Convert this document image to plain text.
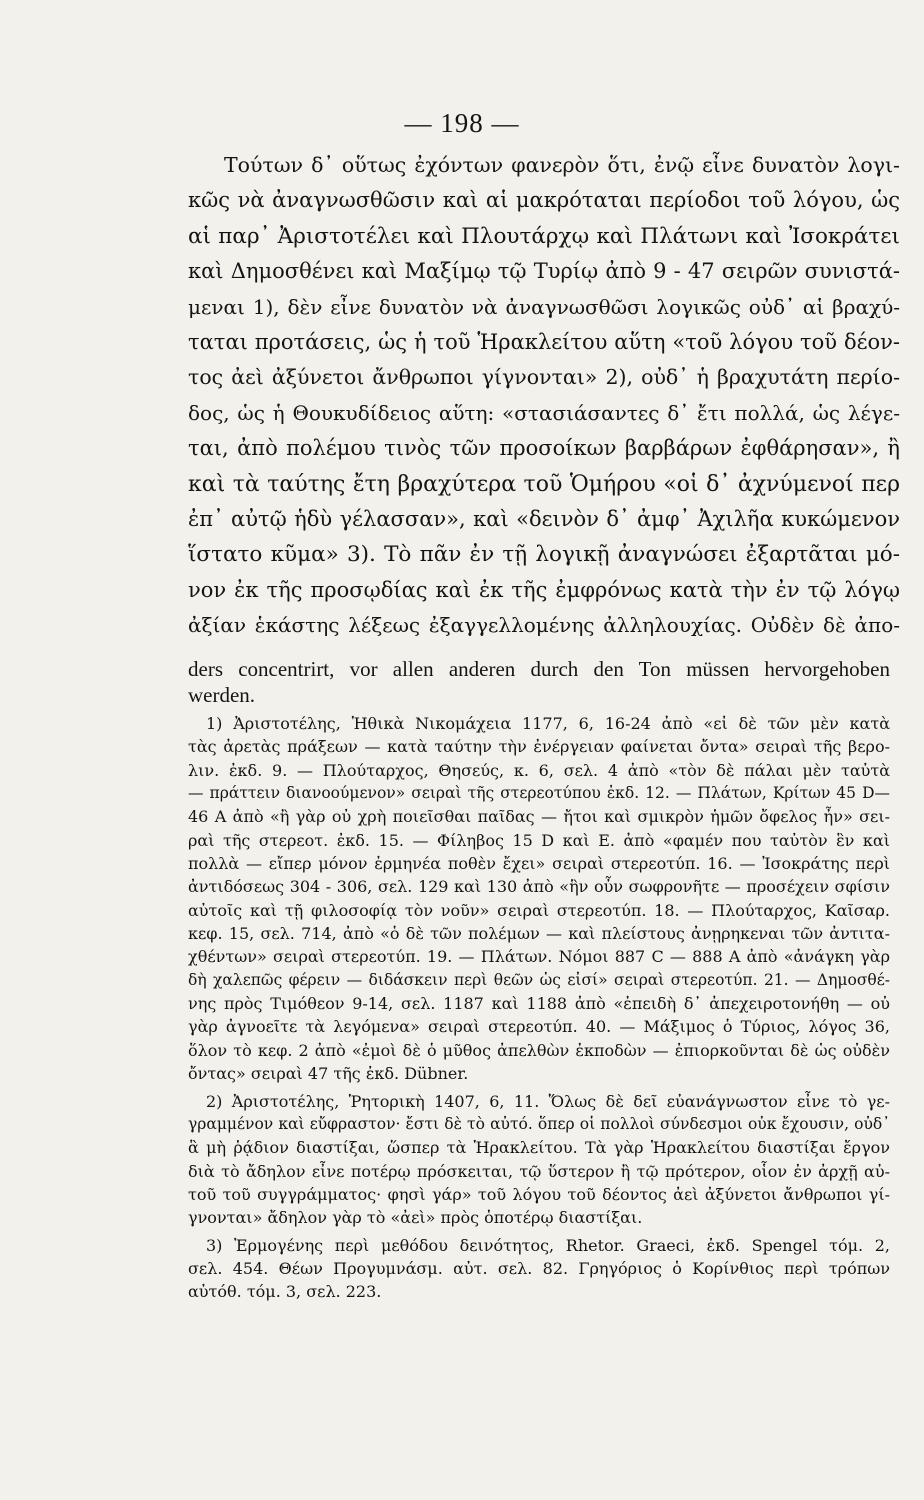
— 198 —
Τούτων δ᾽ οὕτως ἐχόντων φανερὸν ὅτι, ἐνῷ εἶνε δυνατὸν λογι-
κῶς νὰ ἀναγνωσθῶσιν καὶ αἱ μακρόταται περίοδοι τοῦ λόγου, ὡς
αἱ παρ᾽ Ἀριστοτέλει καὶ Πλουτάρχῳ καὶ Πλάτωνι καὶ Ἰσοκράτει
καὶ Δημοσθένει καὶ Μαξίμῳ τῷ Τυρίῳ ἀπὸ 9 - 47 σειρῶν συνιστά-
μεναι 1), δὲν εἶνε δυνατὸν νὰ ἀναγνωσθῶσι λογικῶς οὐδ᾽ αἱ βραχύ-
ταται προτάσεις, ὡς ἡ τοῦ Ἡρακλείτου αὕτη «τοῦ λόγου τοῦ δέον-
τος ἀεὶ ἀξύνετοι ἄνθρωποι γίγνονται» 2), οὐδ᾽ ἡ βραχυτάτη περίο-
δος, ὡς ἡ Θουκυδίδειος αὕτη: «στασιάσαντες δ᾽ ἔτι πολλά, ὡς λέγε-
ται, ἀπὸ πολέμου τινὸς τῶν προσοίκων βαρβάρων ἐφθάρησαν», ἢ
καὶ τὰ ταύτης ἔτη βραχύτερα τοῦ Ὁμήρου «οἱ δ᾽ ἀχνύμενοί περ
ἐπ᾽ αὐτῷ ἡδὺ γέλασσαν», καὶ «δεινὸν δ᾽ ἀμφ᾽ Ἀχιλῆα κυκώμενον
ἵστατο κῦμα» 3). Τὸ πᾶν ἐν τῇ λογικῇ ἀναγνώσει ἐξαρτᾶται μό-
νον ἐκ τῆς προσῳδίας καὶ ἐκ τῆς ἐμφρόνως κατὰ τὴν ἐν τῷ λόγῳ
ἀξίαν ἑκάστης λέξεως ἐξαγγελλομένης ἀλληλουχίας. Οὐδὲν δὲ ἀπο-
ders concentrirt, vor allen anderen durch den Ton müssen hervorgehoben
werden.
1) Ἀριστοτέλης, Ἠθικὰ Νικομάχεια 1177, 6, 16-24 ἀπὸ «εἰ δὲ τῶν μὲν κατὰ
τὰς ἀρετὰς πράξεων — κατὰ ταύτην τὴν ἐνέργειαν φαίνεται ὄντα» σειραὶ τῆς βερο-
λιν. ἐκδ. 9. — Πλούταρχος, Θησεύς, κ. 6, σελ. 4 ἀπὸ «τὸν δὲ πάλαι μὲν ταὐτὰ
— πράττειν διανοούμενον» σειραὶ τῆς στερεοτύπου ἐκδ. 12. — Πλάτων, Κρίτων 45 D—
46 A ἀπὸ «ἢ γὰρ οὐ χρὴ ποιεῖσθαι παῖδας — ἤτοι καὶ σμικρὸν ἡμῶν ὄφελος ἦν» σει-
ραὶ τῆς στερεοτ. ἐκδ. 15. — Φίληβος 15 D καὶ E. ἀπὸ «φαμέν που ταὐτὸν ἓν καὶ
πολλὰ — εἴπερ μόνον ἑρμηνέα ποθὲν ἔχει» σειραὶ στερεοτύπ. 16. — Ἰσοκράτης περὶ
ἀντιδόσεως 304 - 306, σελ. 129 καὶ 130 ἀπὸ «ἣν οὖν σωφρονῆτε — προσέχειν σφίσιν
αὐτοῖς καὶ τῇ φιλοσοφίᾳ τὸν νοῦν» σειραὶ στερεοτύπ. 18. — Πλούταρχος, Καῖσαρ.
κεφ. 15, σελ. 714, ἀπὸ «ὁ δὲ τῶν πολέμων — καὶ πλείστους ἀνῃρηκεναι τῶν ἀντιτα-
χθέντων» σειραὶ στερεοτύπ. 19. — Πλάτων. Νόμοι 887 C — 888 A ἀπὸ «ἀνάγκη γὰρ
δὴ χαλεπῶς φέρειν — διδάσκειν περὶ θεῶν ὡς εἰσί» σειραὶ στερεοτύπ. 21. — Δημοσθέ-
νης πρὸς Τιμόθεον 9-14, σελ. 1187 καὶ 1188 ἀπὸ «ἐπειδὴ δ᾽ ἀπεχειροτονήθη — οὐ
γὰρ ἀγνοεῖτε τὰ λεγόμενα» σειραὶ στερεοτύπ. 40. — Μάξιμος ὁ Τύριος, λόγος 36,
ὅλον τὸ κεφ. 2 ἀπὸ «ἐμοὶ δὲ ὁ μῦθος ἀπελθὼν ἐκποδὼν — ἐπιορκοῦνται δὲ ὡς οὐδὲν
ὄντας» σειραὶ 47 τῆς ἐκδ. Dübner.
2) Ἀριστοτέλης, Ῥητορικὴ 1407, 6, 11. Ὅλως δὲ δεῖ εὐανάγνωστον εἶνε τὸ γε-
γραμμένον καὶ εὔφραστον· ἔστι δὲ τὸ αὐτό. ὅπερ οἱ πολλοὶ σύνδεσμοι οὐκ ἔχουσιν, οὐδ᾽
ἃ μὴ ῥᾴδιον διαστίξαι, ὥσπερ τὰ Ἡρακλείτου. Τὰ γὰρ Ἡρακλείτου διαστίξαι ἔργον
διὰ τὸ ἄδηλον εἶνε ποτέρῳ πρόσκειται, τῷ ὕστερον ἢ τῷ πρότερον, οἷον ἐν ἀρχῇ αὐ-
τοῦ τοῦ συγγράμματος· φησὶ γάρ» τοῦ λόγου τοῦ δέοντος ἀεὶ ἀξύνετοι ἄνθρωποι γί-
γνονται» ἄδηλον γὰρ τὸ «ἀεὶ» πρὸς ὁποτέρῳ διαστίξαι.
3) Ἑρμογένης περὶ μεθόδου δεινότητος, Rhetor. Graeci, ἐκδ. Spengel τόμ. 2,
σελ. 454. Θέων Προγυμνάσμ. αὐτ. σελ. 82. Γρηγόριος ὁ Κορίνθιος περὶ τρόπων
αὐτόθ. τόμ. 3, σελ. 223.
